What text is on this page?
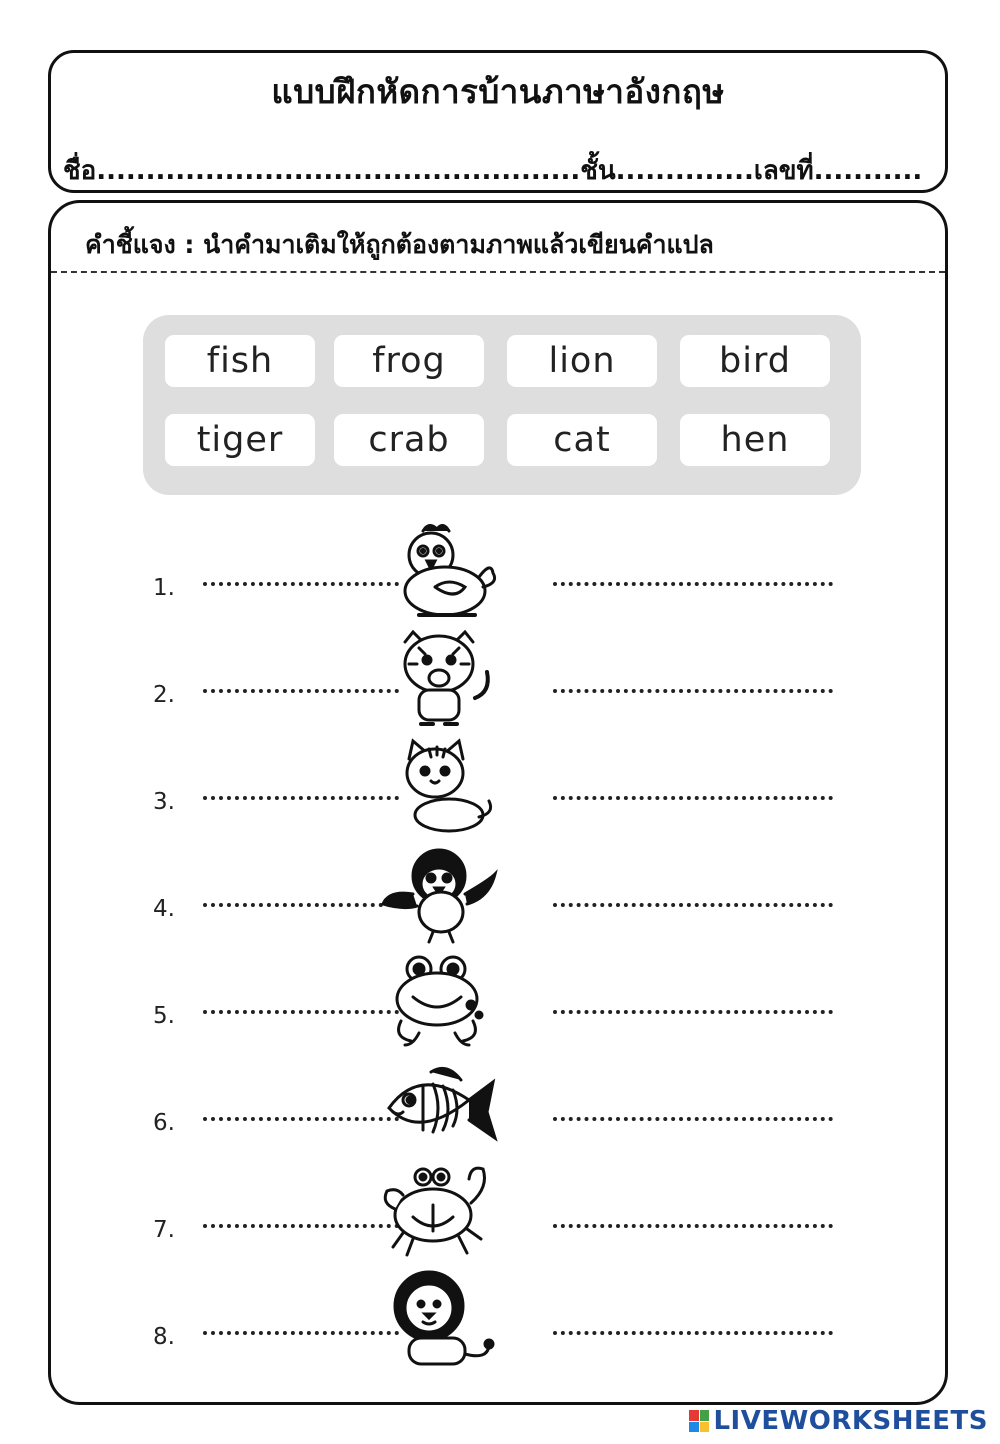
แบบฝึกหัดการบ้านภาษาอังกฤษ
ชื่อ.................................................ชั้น..............เลขที่...........
คำชี้แจง : นำคำมาเติมให้ถูกต้องตามภาพแล้วเขียนคำแปล
fish	frog	lion	bird
tiger	crab	cat	hen
1.
2.
3.
4.
5.
6.
7.
8.
LIVEWORKSHEETS
